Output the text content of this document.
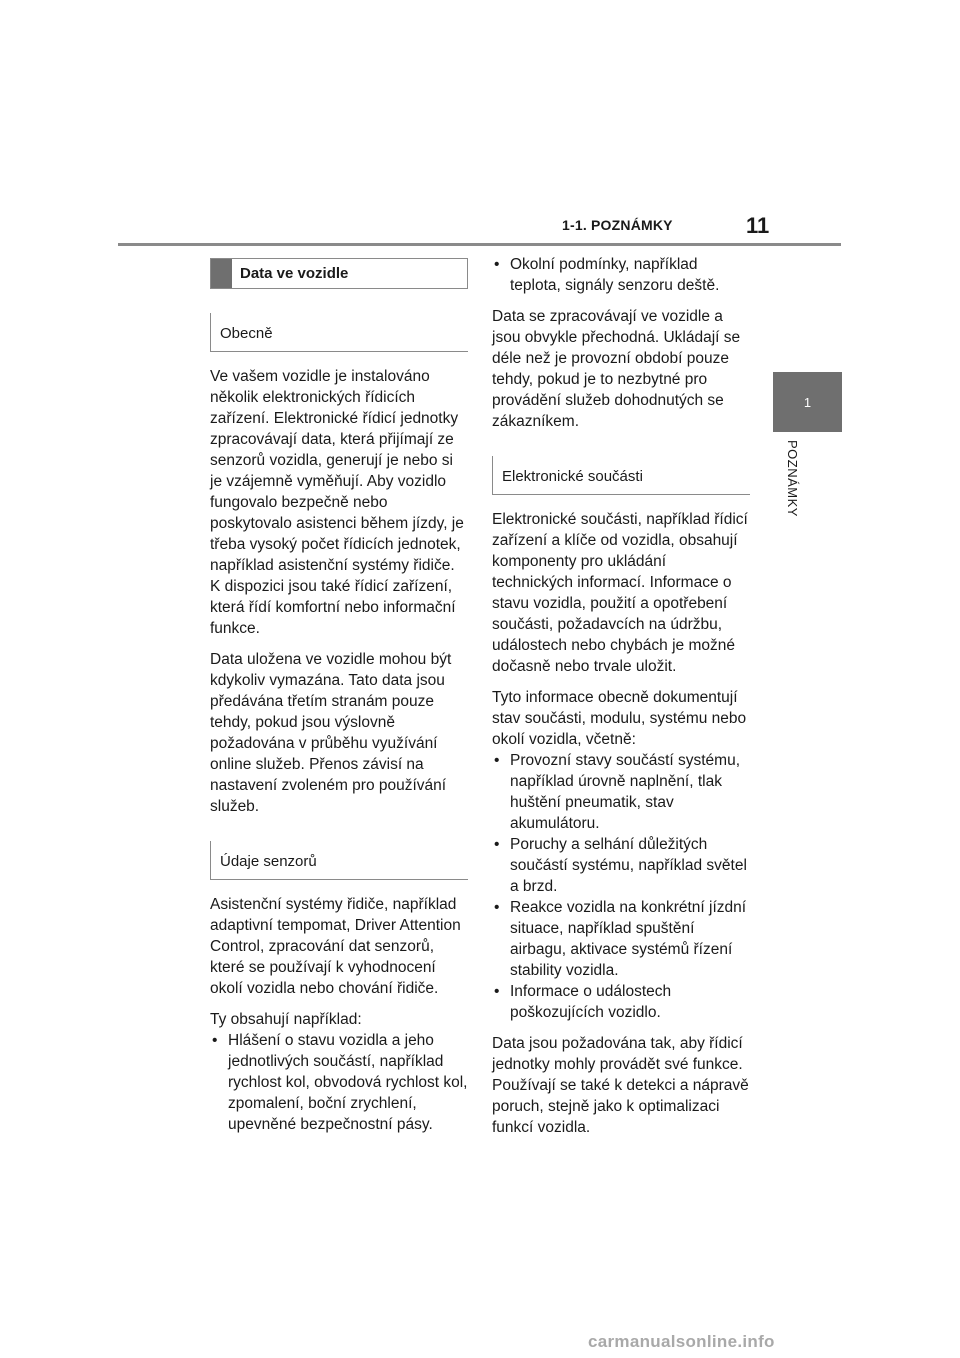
1-1. POZNÁMKY	11
1
POZNÁMKY
Data ve vozidle
Obecně

Ve vašem vozidle je instalováno několik elektronických řídicích zařízení. Elektronické řídicí jednotky zpracovávají data, která přijímají ze senzorů vozidla, generují je nebo si je vzájemně vyměňují. Aby vozidlo fungovalo bezpečně nebo poskytovalo asistenci během jízdy, je třeba vysoký počet řídicích jednotek, například asistenční systémy řidiče. K dispozici jsou také řídicí zařízení, která řídí komfortní nebo informační funkce.

Data uložena ve vozidle mohou být kdykoliv vymazána. Tato data jsou předávána třetím stranám pouze tehdy, pokud jsou výslovně požadována v průběhu využívání online služeb. Přenos závisí na nastavení zvoleném pro používání služeb.

Údaje senzorů

Asistenční systémy řidiče, například adaptivní tempomat, Driver Attention Control, zpracování dat senzorů, které se používají k vyhodnocení okolí vozidla nebo chování řidiče.

Ty obsahují například:

• Hlášení o stavu vozidla a jeho jednotlivých součástí, například rychlost kol, obvodová rychlost kol, zpomalení, boční zrychlení, upevněné bezpečnostní pásy.
• Okolní podmínky, například teplota, signály senzoru deště.

Data se zpracovávají ve vozidle a jsou obvykle přechodná. Ukládají se déle než je provozní období pouze tehdy, pokud je to nezbytné pro provádění služeb dohodnutých se zákazníkem.

Elektronické součásti

Elektronické součásti, například řídicí zařízení a klíče od vozidla, obsahují komponenty pro ukládání technických informací. Informace o stavu vozidla, použití a opotřebení součásti, požadavcích na údržbu, událostech nebo chybách je možné dočasně nebo trvale uložit.

Tyto informace obecně dokumentují stav součásti, modulu, systému nebo okolí vozidla, včetně:

• Provozní stavy součástí systému, například úrovně naplnění, tlak huštění pneumatik, stav akumulátoru.
• Poruchy a selhání důležitých součástí systému, například světel a brzd.
• Reakce vozidla na konkrétní jízdní situace, například spuštění airbagu, aktivace systémů řízení stability vozidla.
• Informace o událostech poškozujících vozidlo.

Data jsou požadována tak, aby řídicí jednotky mohly provádět své funkce. Používají se také k detekci a nápravě poruch, stejně jako k optimalizaci funkcí vozidla.

carmanualsonline.info
